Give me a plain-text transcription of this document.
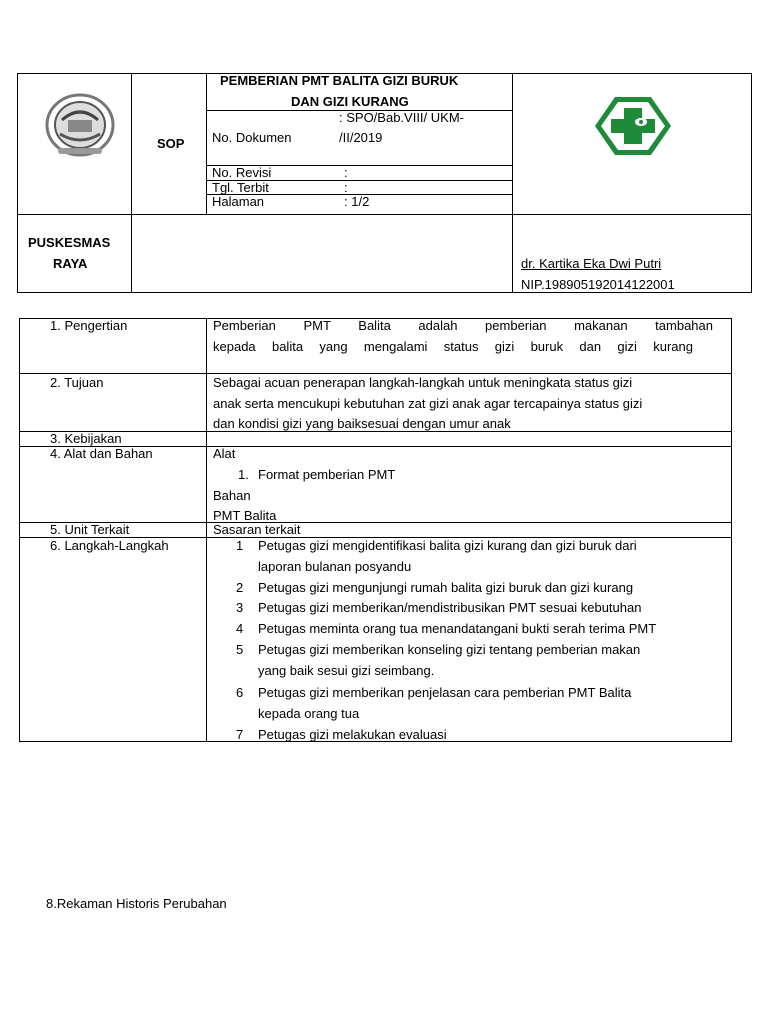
SOP
PEMBERIAN PMT BALITA GIZI BURUK
DAN GIZI KURANG
No. Dokumen
: SPO/Bab.VIII/ UKM-
/II/2019
No. Revisi	:
Tgl. Terbit	:
Halaman	: 1/2
PUSKESMAS
RAYA	dr. Kartika Eka Dwi Putri
NIP.198905192014122001
1. Pengertian	Pemberian PMT Balita adalah pemberian makanan tambahan
kepada balita yang mengalami status gizi buruk dan gizi kurang
2. Tujuan	Sebagai acuan penerapan langkah-langkah untuk meningkata status gizi
anak serta mencukupi kebutuhan zat gizi anak agar tercapainya status gizi
dan kondisi gizi yang baiksesuai dengan umur anak
3. Kebijakan
4. Alat dan Bahan	Alat
1. Format pemberian PMT
Bahan
PMT Balita
5. Unit Terkait	Sasaran terkait
6. Langkah-Langkah	1 Petugas gizi mengidentifikasi balita gizi kurang dan gizi buruk dari
laporan bulanan posyandu
2 Petugas gizi mengunjungi rumah balita gizi buruk dan gizi kurang
3 Petugas gizi memberikan/mendistribusikan PMT sesuai kebutuhan
4 Petugas meminta orang tua menandatangani bukti serah terima PMT
5 Petugas gizi memberikan konseling gizi tentang pemberian makan
yang baik sesui gizi seimbang.
6 Petugas gizi memberikan penjelasan cara pemberian PMT Balita
kepada orang tua
7 Petugas gizi melakukan evaluasi
8.Rekaman Historis Perubahan
